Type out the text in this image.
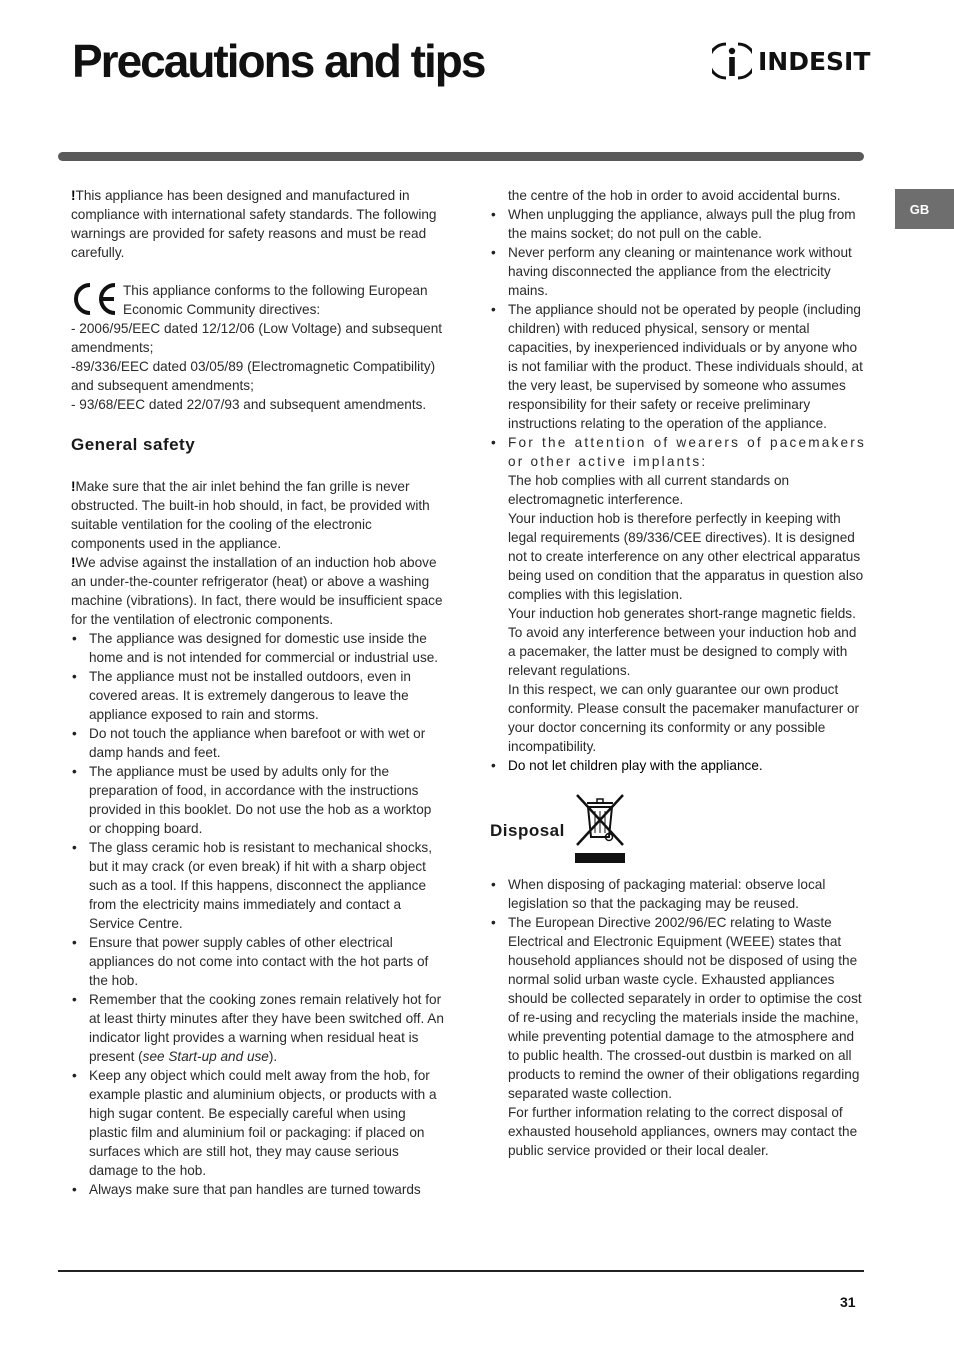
Precautions and tips	INDESIT
GB

!This appliance has been designed and manufactured in compliance with international safety standards. The following warnings are provided for safety reasons and must be read carefully.

This appliance conforms to the following European Economic Community directives:

- 2006/95/EEC dated 12/12/06 (Low Voltage) and subsequent amendments;

-89/336/EEC dated 03/05/89 (Electromagnetic Compatibility) and subsequent amendments;

- 93/68/EEC dated 22/07/93 and subsequent amendments.

General safety

!Make sure that the air inlet behind the fan grille is never obstructed. The built-in hob should, in fact, be provided with suitable ventilation for the cooling of the electronic components used in the appliance.

!We advise against the installation of an induction hob above an under-the-counter refrigerator (heat) or above a washing machine (vibrations). In fact, there would be insufficient space for the ventilation of electronic components.

• The appliance was designed for domestic use inside the home and is not intended for commercial or industrial use.
• The appliance must not be installed outdoors, even in covered areas. It is extremely dangerous to leave the appliance exposed to rain and storms.
• Do not touch the appliance when barefoot or with wet or damp hands and feet.
• The appliance must be used by adults only for the preparation of food, in accordance with the instructions provided in this booklet. Do not use the hob as a worktop or chopping board.
• The glass ceramic hob is resistant to mechanical shocks, but it may crack (or even break) if hit with a sharp object such as a tool. If this happens, disconnect the appliance from the electricity mains immediately and contact a Service Centre.
• Ensure that power supply cables of other electrical appliances do not come into contact with the hot parts of the hob.
• Remember that the cooking zones remain relatively hot for at least thirty minutes after they have been switched off. An indicator light provides a warning when residual heat is present (see Start-up and use).
• Keep any object which could melt away from the hob, for example plastic and aluminium objects, or products with a high sugar content. Be especially careful when using plastic film and aluminium foil or packaging: if placed on surfaces which are still hot, they may cause serious damage to the hob.
• Always make sure that pan handles are turned towards

the centre of the hob in order to avoid accidental burns.

• When unplugging the appliance, always pull the plug from the mains socket; do not pull on the cable.
• Never perform any cleaning or maintenance work without having disconnected the appliance from the electricity mains.
• The appliance should not be operated by people (including children) with reduced physical, sensory or mental capacities, by inexperienced individuals or by anyone who is not familiar with the product. These individuals should, at the very least, be supervised by someone who assumes responsibility for their safety or receive preliminary instructions relating to the operation of the appliance.
• For the attention of wearers of pacemakers or other active implants:
The hob complies with all current standards on electromagnetic interference.
Your induction hob is therefore perfectly in keeping with legal requirements (89/336/CEE directives). It is designed not to create interference on any other electrical apparatus being used on condition that the apparatus in question also complies with this legislation.
Your induction hob generates short-range magnetic fields.
To avoid any interference between your induction hob and a pacemaker, the latter must be designed to comply with relevant regulations.
In this respect, we can only guarantee our own product conformity. Please consult the pacemaker manufacturer or your doctor concerning its conformity or any possible incompatibility.
• Do not let children play with the appliance.
Disposal
• When disposing of packaging material: observe local legislation so that the packaging may be reused.
• The European Directive 2002/96/EC relating to Waste Electrical and Electronic Equipment (WEEE) states that household appliances should not be disposed of using the normal solid urban waste cycle. Exhausted appliances should be collected separately in order to optimise the cost of re-using and recycling the materials inside the machine, while preventing potential damage to the atmosphere and to public health. The crossed-out dustbin is marked on all products to remind the owner of their obligations regarding separated waste collection.
For further information relating to the correct disposal of exhausted household appliances, owners may contact the public service provided or their local dealer.
31
